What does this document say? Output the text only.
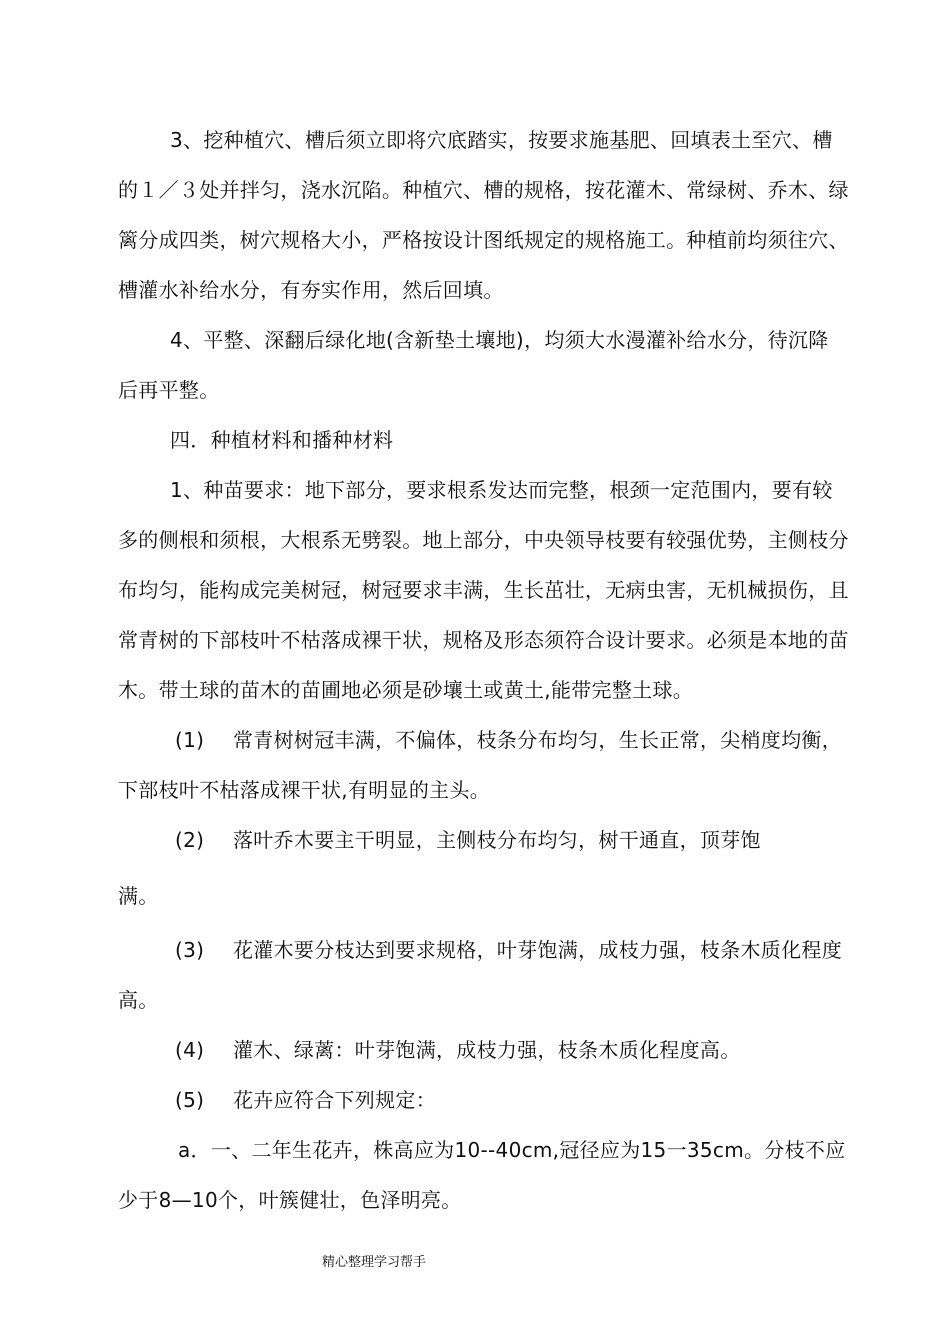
3、挖种植穴、槽后须立即将穴底踏实，按要求施基肥、回填表土至穴、槽
的１／３处并拌匀，浇水沉陷。种植穴、槽的规格，按花灌木、常绿树、乔木、绿
篱分成四类，树穴规格大小，严格按设计图纸规定的规格施工。种植前均须往穴、
槽灌水补给水分，有夯实作用，然后回填。
4、平整、深翻后绿化地(含新垫土壤地)，均须大水漫灌补给水分，待沉降
后再平整。
四．种植材料和播种材料
1、种苗要求：地下部分，要求根系发达而完整，根颈一定范围内，要有较
多的侧根和须根，大根系无劈裂。地上部分，中央领导枝要有较强优势，主侧枝分
布均匀，能构成完美树冠，树冠要求丰满，生长茁壮，无病虫害，无机械损伤，且
常青树的下部枝叶不枯落成裸干状，规格及形态须符合设计要求。必须是本地的苗
木。带土球的苗木的苗圃地必须是砂壤土或黄土,能带完整土球。
(1) 常青树树冠丰满，不偏体，枝条分布均匀，生长正常，尖梢度均衡，
下部枝叶不枯落成裸干状,有明显的主头。
(2) 落叶乔木要主干明显，主侧枝分布均匀，树干通直，顶芽饱
满。
(3) 花灌木要分枝达到要求规格，叶芽饱满，成枝力强，枝条木质化程度
高。
(4) 灌木、绿蓠：叶芽饱满，成枝力强，枝条木质化程度高。
(5) 花卉应符合下列规定：
a．一、二年生花卉，株高应为10--40cm,冠径应为15一35cm。分枝不应
少于8—10个，叶簇健壮，色泽明亮。
精心整理学习帮手
